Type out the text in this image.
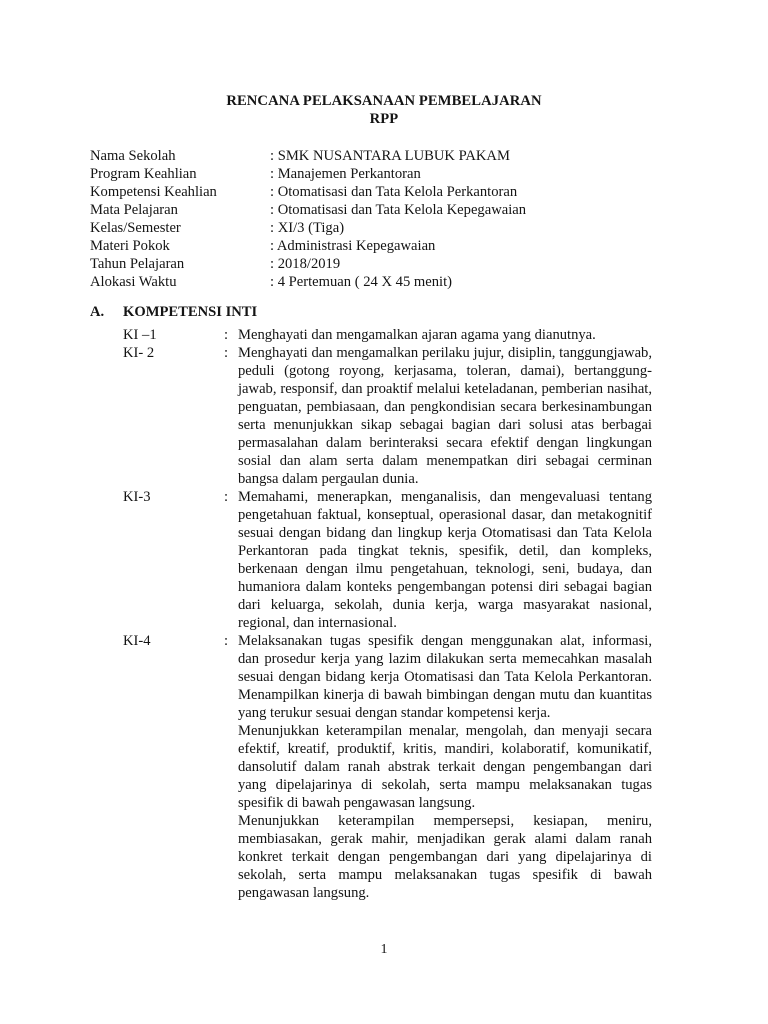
RENCANA PELAKSANAAN PEMBELAJARAN
RPP
Nama Sekolah	: SMK NUSANTARA LUBUK PAKAM
Program Keahlian	: Manajemen Perkantoran
Kompetensi Keahlian	: Otomatisasi dan Tata Kelola Perkantoran
Mata Pelajaran	: Otomatisasi dan Tata Kelola Kepegawaian
Kelas/Semester	: XI/3 (Tiga)
Materi Pokok	: Administrasi Kepegawaian
Tahun Pelajaran	: 2018/2019
Alokasi Waktu	: 4 Pertemuan ( 24 X 45 menit)
A.	KOMPETENSI INTI
KI –1	: Menghayati dan mengamalkan ajaran agama yang dianutnya.

KI- 2	: Menghayati dan mengamalkan perilaku jujur, disiplin, tanggungjawab, peduli (gotong royong, kerjasama, toleran, damai), bertanggung-jawab, responsif, dan proaktif melalui keteladanan, pemberian nasihat, penguatan, pembiasaan, dan pengkondisian secara berkesinambungan serta menunjukkan sikap sebagai bagian dari solusi atas berbagai permasalahan dalam berinteraksi secara efektif dengan lingkungan sosial dan alam serta dalam menempatkan diri sebagai cerminan bangsa dalam pergaulan dunia.

KI-3	: Memahami, menerapkan, menganalisis, dan mengevaluasi tentang pengetahuan faktual, konseptual, operasional dasar, dan metakognitif sesuai dengan bidang dan lingkup kerja Otomatisasi dan Tata Kelola Perkantoran pada tingkat teknis, spesifik, detil, dan kompleks, berkenaan dengan ilmu pengetahuan, teknologi, seni, budaya, dan humaniora dalam konteks pengembangan potensi diri sebagai bagian dari keluarga, sekolah, dunia kerja, warga masyarakat nasional, regional, dan internasional.

KI-4	: Melaksanakan tugas spesifik dengan menggunakan alat, informasi, dan prosedur kerja yang lazim dilakukan serta memecahkan masalah sesuai dengan bidang kerja Otomatisasi dan Tata Kelola Perkantoran. Menampilkan kinerja di bawah bimbingan dengan mutu dan kuantitas yang terukur sesuai dengan standar kompetensi kerja.

Menunjukkan keterampilan menalar, mengolah, dan menyaji secara efektif, kreatif, produktif, kritis, mandiri, kolaboratif, komunikatif, dansolutif dalam ranah abstrak terkait dengan pengembangan dari yang dipelajarinya di sekolah, serta mampu melaksanakan tugas spesifik di bawah pengawasan langsung.

Menunjukkan keterampilan mempersepsi, kesiapan, meniru, membiasakan, gerak mahir, menjadikan gerak alami dalam ranah konkret terkait dengan pengembangan dari yang dipelajarinya di sekolah, serta mampu melaksanakan tugas spesifik di bawah pengawasan langsung.

1
